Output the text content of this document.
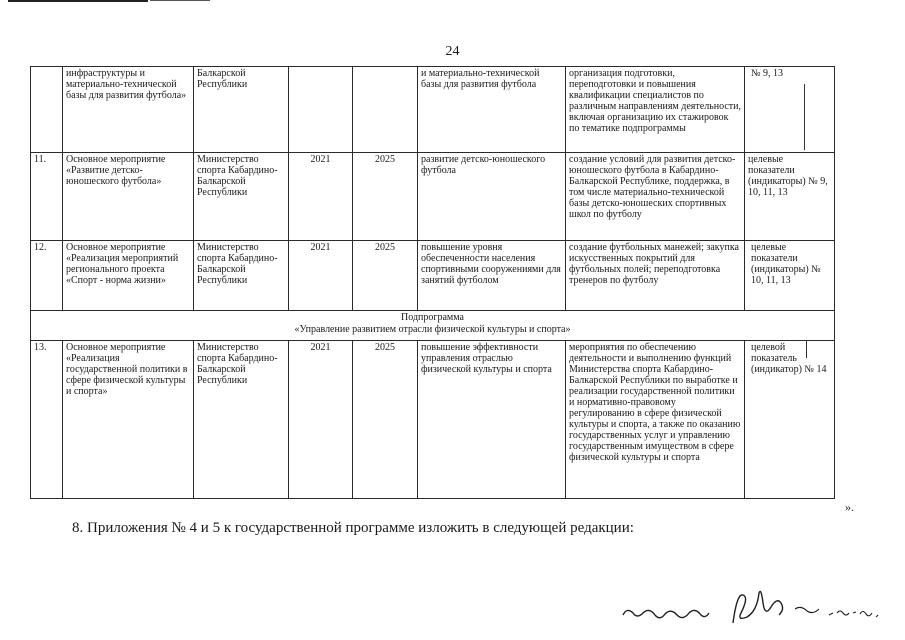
24
	инфраструктуры и материально-технической базы для развития футбола»	Балкарской Республики			и материально-технической базы для развития футбола	организация подготовки, переподготовки и повышения квалификации специалистов по различным направлениям деятельности, включая организацию их стажировок по тематике подпрограммы	№ 9, 13
11.	Основное мероприятие «Развитие детско-юношеского футбола»	Министерство спорта Кабардино-Балкарской Республики	2021	2025	развитие детско-юношеского футбола	создание условий для развития детско-юношеского футбола в Кабардино-Балкарской Республике, поддержка, в том числе материально-технической базы детско-юношеских спортивных школ по футболу	целевые показатели (индикаторы) № 9, 10, 11, 13
12.	Основное мероприятие «Реализация мероприятий регионального проекта «Спорт - норма жизни»	Министерство спорта Кабардино-Балкарской Республики	2021	2025	повышение уровня обеспеченности населения спортивными сооружениями для занятий футболом	создание футбольных манежей; закупка искусственных покрытий для футбольных полей; переподготовка тренеров по футболу	целевые показатели (индикаторы) № 10, 11, 13

Подпрограмма
«Управление развитием отрасли физической культуры и спорта»							

13.	Основное мероприятие «Реализация государственной политики в сфере физической культуры и спорта»	Министерство спорта Кабардино-Балкарской Республики	2021	2025	повышение эффективности управления отраслью физической культуры и спорта	мероприятия по обеспечению деятельности и выполнению функций Министерства спорта Кабардино-Балкарской Республики по выработке и реализации государственной политики и нормативно-правовому регулированию в сфере физической культуры и спорта, а также по оказанию государственных услуг и управлению государственным имуществом в сфере физической культуры и спорта	целевой показатель (индикатор) № 14
».
8. Приложения № 4 и 5 к государственной программе изложить в следующей редакции:
